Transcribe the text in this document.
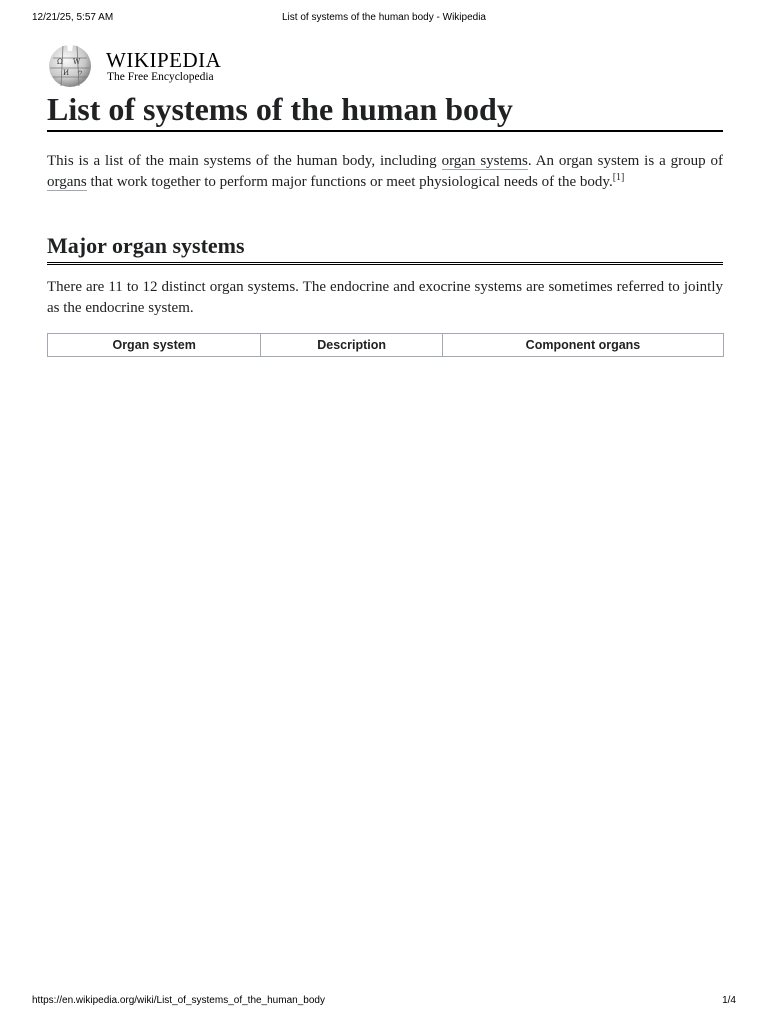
12/21/25, 5:57 AM	List of systems of the human body - Wikipedia
Ω W
И ウ
WIKIPEDIA
The Free Encyclopedia
List of systems of the human body

This is a list of the main systems of the human body, including organ systems. An organ system is a group of organs that work together to perform major functions or meet physiological needs of the body.[1]

Major organ systems

There are 11 to 12 distinct organ systems. The endocrine and exocrine systems are sometimes referred to jointly as the endocrine system.

Organ system	Description	Component organs
https://en.wikipedia.org/wiki/List_of_systems_of_the_human_body	1/4
